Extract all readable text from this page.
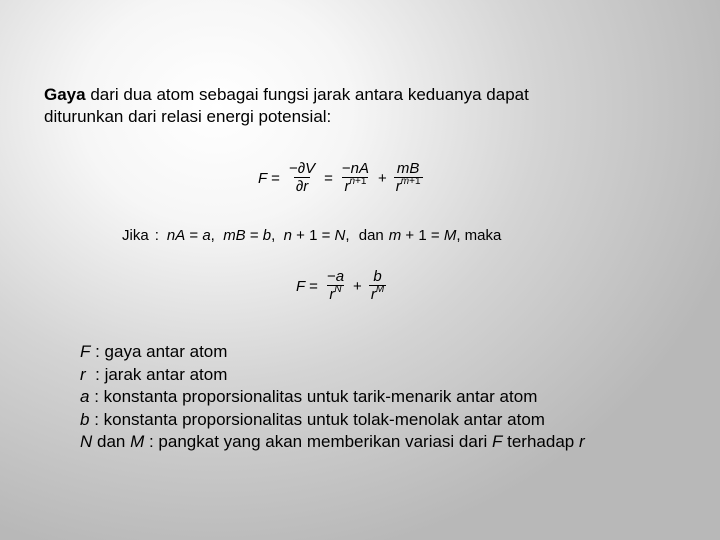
Gaya dari dua atom sebagai fungsi jarak antara keduanya dapat
diturunkan dari relasi energi potensial:

$F = \frac{-\partial V}{\partial r} = \frac{-nA}{r^{n+1}} + \frac{mB}{r^{m+1}}$
Jika : nA = a,  mB = b,  n + 1 = N, dan m + 1 = M, maka
$F = \frac{-a}{r^N} + \frac{b}{r^M}$
F : gaya antar atom
r  : jarak antar atom
a : konstanta proporsionalitas untuk tarik-menarik antar atom
b : konstanta proporsionalitas untuk tolak-menolak antar atom
N dan M : pangkat yang akan memberikan variasi dari F terhadap r
